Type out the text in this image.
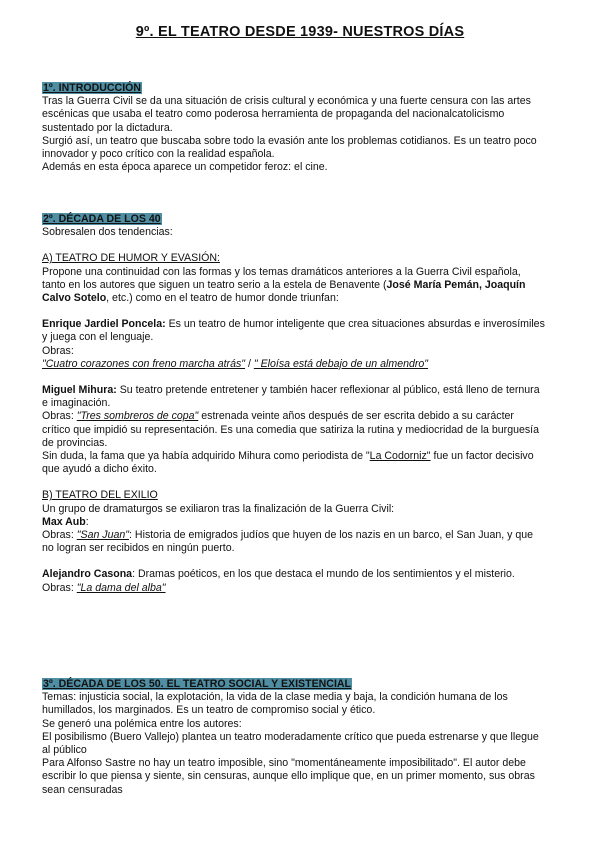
9º. EL TEATRO DESDE 1939- NUESTROS DÍAS

1º. INTRODUCCIÓN

Tras la Guerra Civil se da una situación de crisis cultural y económica y una fuerte censura con las artes

escénicas que usaba el teatro como poderosa herramienta de propaganda del nacionalcatolicismo

sustentado por la dictadura.

Surgió así, un teatro que buscaba sobre todo la evasión ante los problemas cotidianos. Es un teatro poco

innovador y poco crítico con la realidad española.

Además en esta época aparece un competidor feroz: el cine.

2º. DÉCADA DE LOS 40

Sobresalen dos tendencias:

A) TEATRO DE HUMOR Y EVASIÓN:

Propone una continuidad con las formas y los temas dramáticos anteriores a la Guerra Civil española,

tanto en los autores que siguen un teatro serio a la estela de Benavente (José María Pemán, Joaquín

Calvo Sotelo, etc.) como en el teatro de humor donde triunfan:

Enrique Jardiel Poncela: Es un teatro de humor inteligente que crea situaciones absurdas e inverosímiles

y juega con el lenguaje.

Obras:

"Cuatro corazones con freno marcha atrás" / " Eloísa está debajo de un almendro"

Miguel Mihura: Su teatro pretende entretener y también hacer reflexionar al público, está lleno de ternura

e imaginación.

Obras: "Tres sombreros de copa" estrenada veinte años después de ser escrita debido a su carácter

crítico que impidió su representación. Es una comedia que satiriza la rutina y mediocridad de la burguesía

de provincias.

Sin duda, la fama que ya había adquirido Mihura como periodista de "La Codorniz" fue un factor decisivo

que ayudó a dicho éxito.

B) TEATRO DEL EXILIO

Un grupo de dramaturgos se exiliaron tras la finalización de la Guerra Civil:

Max Aub:

Obras: "San Juan": Historia de emigrados judíos que huyen de los nazis en un barco, el San Juan, y que

no logran ser recibidos en ningún puerto.

Alejandro Casona: Dramas poéticos, en los que destaca el mundo de los sentimientos y el misterio.

Obras: "La dama del alba"

3º. DÉCADA DE LOS 50. EL TEATRO SOCIAL Y EXISTENCIAL

Temas: injusticia social, la explotación, la vida de la clase media y baja, la condición humana de los

humillados, los marginados. Es un teatro de compromiso social y ético.

Se generó una polémica entre los autores:

El posibilismo (Buero Vallejo) plantea un teatro moderadamente crítico que pueda estrenarse y que llegue

al público

Para Alfonso Sastre no hay un teatro imposible, sino "momentáneamente imposibilitado". El autor debe

escribir lo que piensa y siente, sin censuras, aunque ello implique que, en un primer momento, sus obras

sean censuradas
